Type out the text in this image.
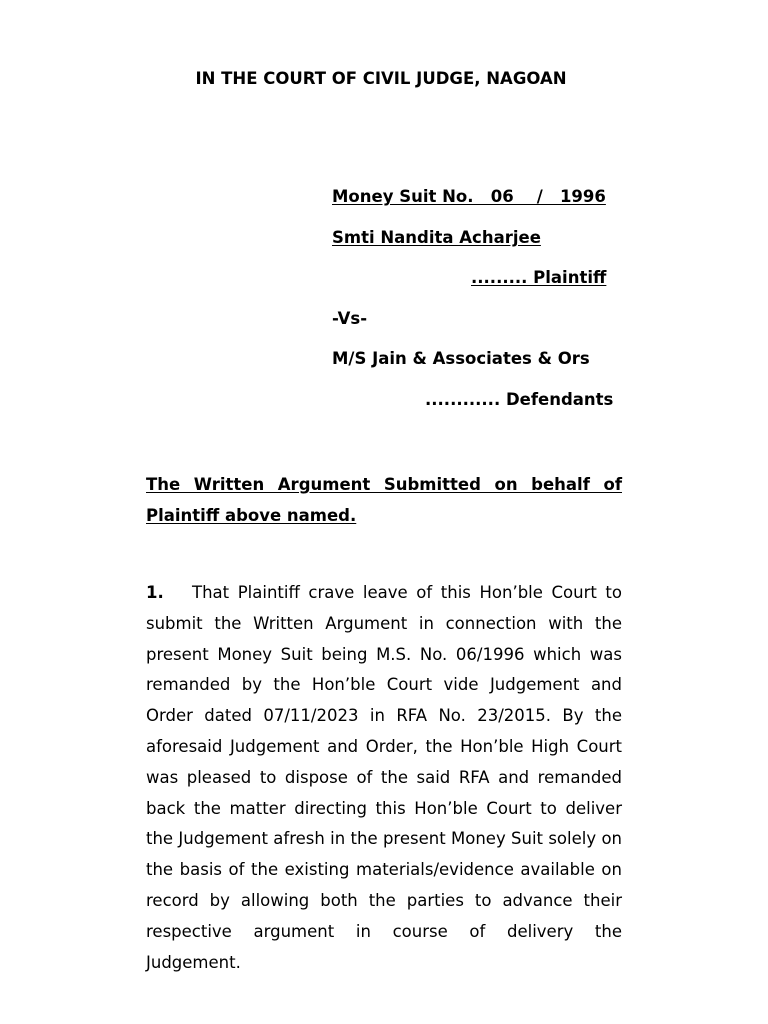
IN THE COURT OF CIVIL JUDGE, NAGOAN
Money Suit No.   06    /   1996
Smti Nandita Acharjee
......... Plaintiff
-Vs-
M/S Jain & Associates & Ors
............ Defendants
The Written Argument Submitted on behalf of Plaintiff above named.
1. That Plaintiff crave leave of this Hon’ble Court to submit the Written Argument in connection with the present Money Suit being M.S. No. 06/1996 which was remanded by the Hon’ble Court vide Judgement and Order dated 07/11/2023 in RFA No. 23/2015. By the aforesaid Judgement and Order, the Hon’ble High Court was pleased to dispose of the said RFA and remanded back the matter directing this Hon’ble Court to deliver the Judgement afresh in the present Money Suit solely on the basis of the existing materials/evidence available on record by allowing both the parties to advance their respective argument in course of delivery the Judgement.
